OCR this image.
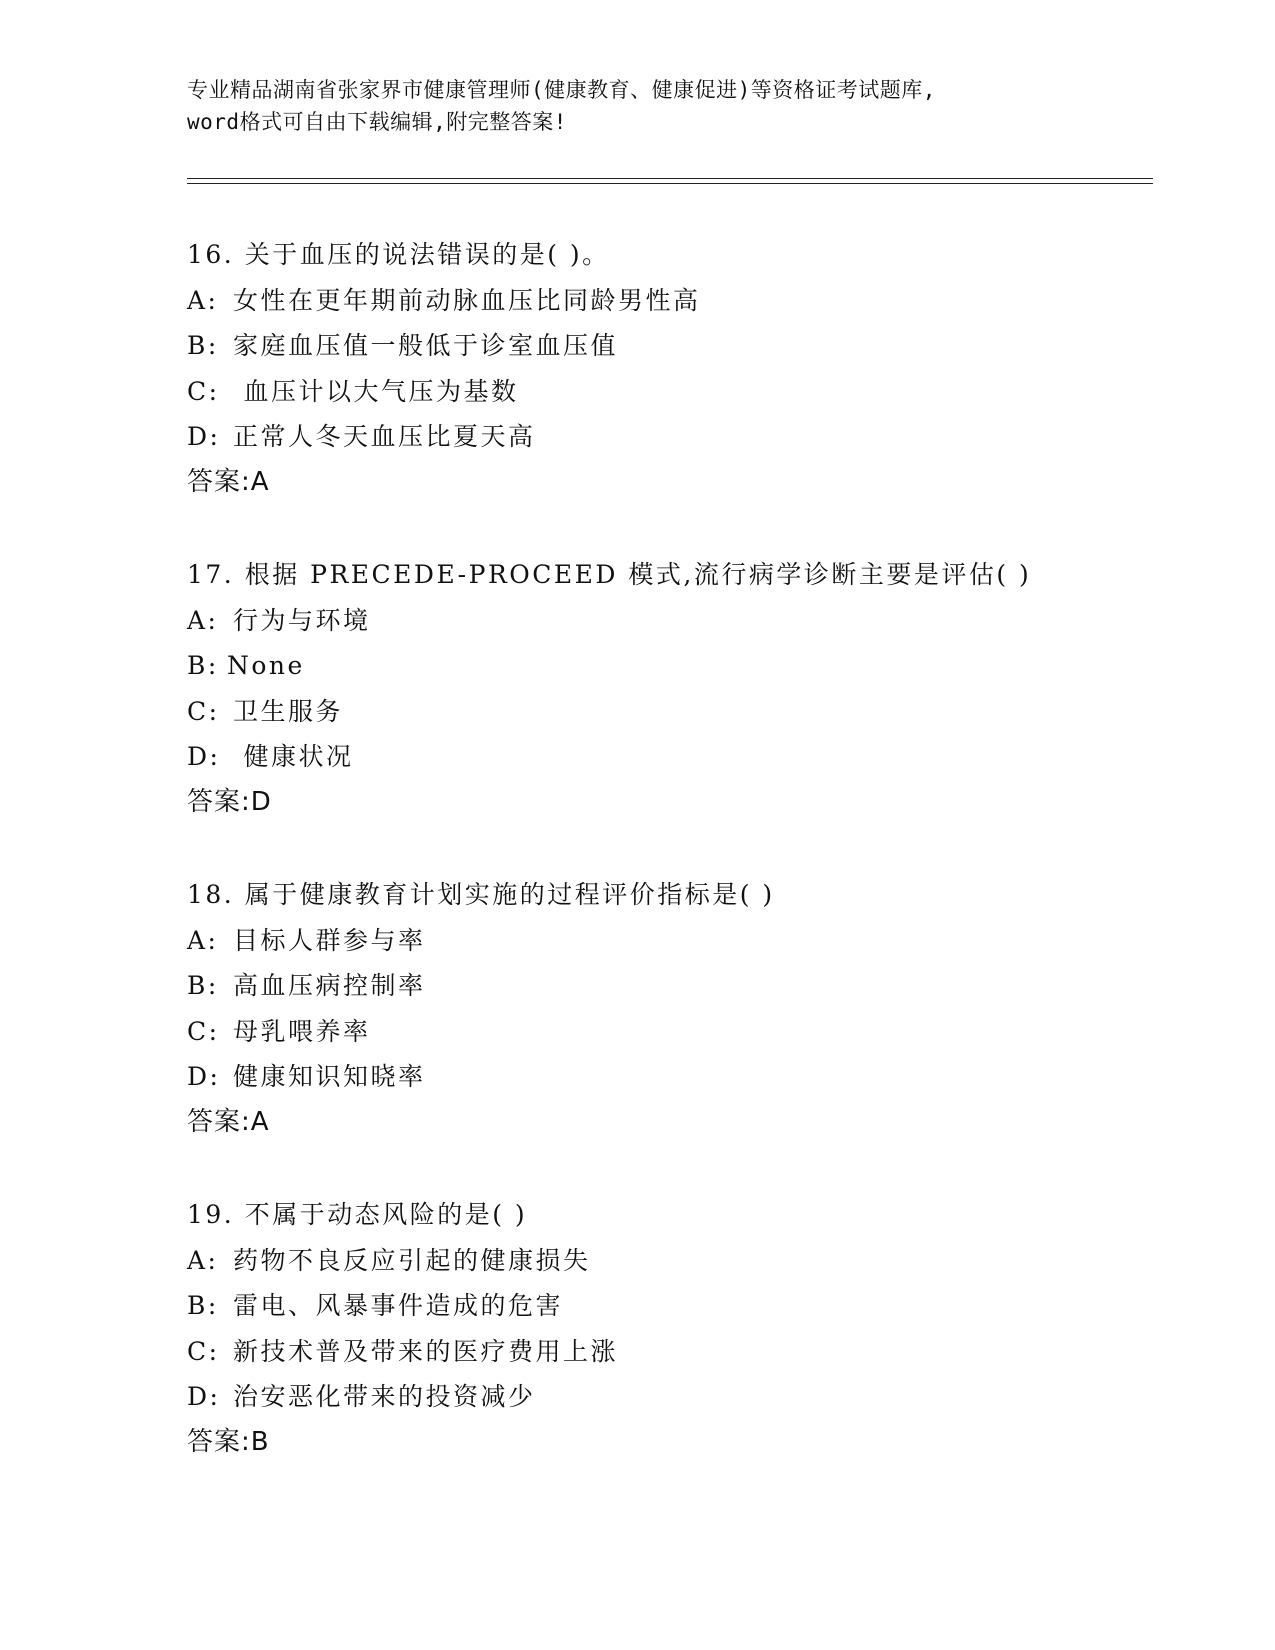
专业精品湖南省张家界市健康管理师(健康教育、健康促进)等资格证考试题库,
word格式可自由下载编辑,附完整答案!
16. 关于血压的说法错误的是( )。
A: 女性在更年期前动脉血压比同龄男性高
B: 家庭血压值一般低于诊室血压值
C: 血压计以大气压为基数
D: 正常人冬天血压比夏天高
答案:A
17. 根据 PRECEDE-PROCEED 模式,流行病学诊断主要是评估( )
A: 行为与环境
B: None
C: 卫生服务
D: 健康状况
答案:D
18. 属于健康教育计划实施的过程评价指标是( )
A: 目标人群参与率
B: 高血压病控制率
C: 母乳喂养率
D: 健康知识知晓率
答案:A
19. 不属于动态风险的是( )
A: 药物不良反应引起的健康损失
B: 雷电、风暴事件造成的危害
C: 新技术普及带来的医疗费用上涨
D: 治安恶化带来的投资减少
答案:B
